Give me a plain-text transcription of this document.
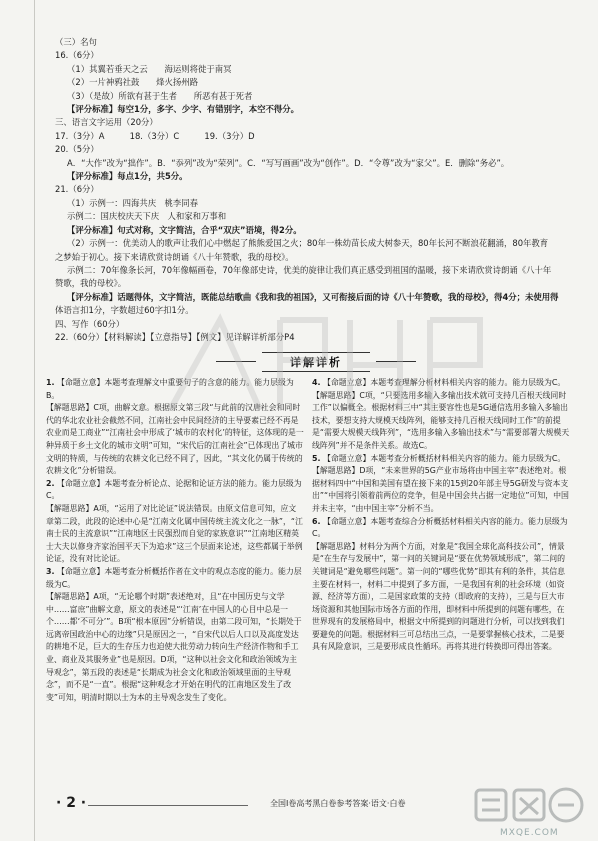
（三）名句

16.（6分）

（1）其翼若垂天之云　　海运则将徙于南冥

（2）一片神鸦社鼓　　烽火扬州路

（3）（是故）所欲有甚于生者　　所恶有甚于死者

【评分标准】每空1分，多字、少字、有错别字，本空不得分。

三、语言文字运用（20分）

17.（3分）A　　　18.（3分）C　　　19.（3分）D

20.（5分）

A．“大作”改为“拙作”。B．“忝列”改为“荣列”。C．“写写画画”改为“创作”。D．“令尊”改为“家父”。E．删除“务必”。

【评分标准】每点1分，共5分。

21.（6分）

（1）示例一：四海共庆　桃李同春

示例二：国庆校庆天下庆　人和家和万事和

【评分标准】句式对称，文字简洁，合乎“双庆”语境，得2分。

（2）示例一：优美动人的歌声让我们心中燃起了熊熊爱国之火；80年一株幼苗长成大树参天，80年长河不断浪花翻涌，80年教育

之梦始于初心。接下来请欣赏诗朗诵《八十年赞歌，我的母校》。

示例二：70年像条长河，70年像幅画卷，70年像部史诗，优美的旋律让我们真正感受到祖国的温暖，接下来请欣赏诗朗诵《八十年

赞歌，我的母校》。

【评分标准】话题得体，文字简洁，既能总结歌曲《我和我的祖国》，又可衔接后面的诗《八十年赞歌，我的母校》，得4分；未使用得

体语言扣1分，字数超过60字扣1分。

四、写作（60分）

22.（60分）【材料解读】【立意指导】【例文】见详解详析部分P4

详解详析

1. 【命题立意】本题考查理解文中重要句子的含意的能力。能力层级为B。

【解题思路】C项，曲解文意。根据原文第三段“与此前的汉唐社会和同时代的华北农业社会截然不同，江南社会中民间经济的主导要素已经不再是农业而是工商业”“江南社会中形成了‘城市的农村化’的特征，这体现的是一种异质于乡土文化的城市文明”可知，“宋代后的江南社会”已体现出了城市文明的特质，与传统的农耕文化已经不同了，因此，“其文化仍属于传统的农耕文化”分析错误。

2. 【命题立意】本题考查分析论点、论据和论证方法的能力。能力层级为C。

【解题思路】A项，“运用了对比论证”说法错误。由原文信息可知，应文章第二段，此段的论述中心是“江南文化属中国传统主流文化之一脉”，“江南士民的主流意识”“江南地区士民强烈而自觉的家族意识”“江南地区精英士大夫以修身齐家治国平天下为追求”这三个层面来论述，这些都属于举例论证，没有对比论证。

3. 【命题立意】本题考查分析概括作者在文中的观点态度的能力。能力层级为C。

【解题思路】A项，“无论哪个时期”表述绝对，且“在中国历史与文学中……富庶”曲解文意，原文的表述是“‘江南’在中国人的心目中总是一个……都‘不可分’”。B项“根本原因”分析错误，由第二段可知，“长期处于远离帝国政治中心的边缘”只是原因之一，“自宋代以后人口以及高度发达的耕地不足，巨大的生存压力也迫使大批劳动力转向生产经济作物和手工业、商业及其服务业”也是原因。D项，“这种以社会文化和政治领域为主导观念”，第五段的表述是“长期成为社会文化和政治领域里面的主导观念”，而不是“一直”。根据“这种观念才开始在明代的江南地区发生了改变”可知，明清时期以士为本的主导观念发生了变化。

4. 【命题立意】本题考查理解分析材料相关内容的能力。能力层级为C。

【解题思路】C项，“只要选用多输入多输出技术就可支持几百根天线同时工作”以偏概全。根据材料三中“其主要容性也是5G通信选用多输入多输出技术，要想支持大规模天线阵列，能够支持几百根天线同时工作”的前提是“需要大规模天线阵列”，“选用多输入多输出技术”与“需要部署大规模天线阵列”并不是条件关系。故选C。

5. 【命题立意】本题考查分析概括材料相关内容的能力。能力层级为C。

【解题思路】D项，“未来世界的5G产业市场将由中国主宰”表述绝对。根据材料四中“中国和美国有望在接下来的15到20年部主导5G研发与资本支出”“中国将引领着前两位的竞争，但是中国会共占据一定地位”可知，中国并未主宰，“由中国主宰”分析不当。

6. 【命题立意】本题考查综合分析概括材料相关内容的能力。能力层级为C。

【解题思路】材料分为两个方面，对象是“我国全球化高科技公司”，情景是“在生存与发展中”，第一问的关键词是“要在优势领域形成”，第二问的关键词是“避免哪些问题”。第一问的“哪些优势”即其有利的条件，其信息主要在材料一，材料二中提到了多方面，一是我国有利的社会环境（如资源、经济等方面），二是国家政策的支持（即政府的支持），三是与巨大市场资源和其他国际市场各方面的作用，即材料中所提到的问题有哪些，在世界现有的发展格局中，根据文中所提到的问题进行分析，可以找到我们要避免的问题。根据材料三可总结出三点，一是要掌握核心技术，二是要具有风险意识，三是要形成良性循环。再将其进行转换即可得出答案。

· 2 ·	全国Ⅰ卷高考黑白卷参考答案·语文·白卷
MXQE.COM
